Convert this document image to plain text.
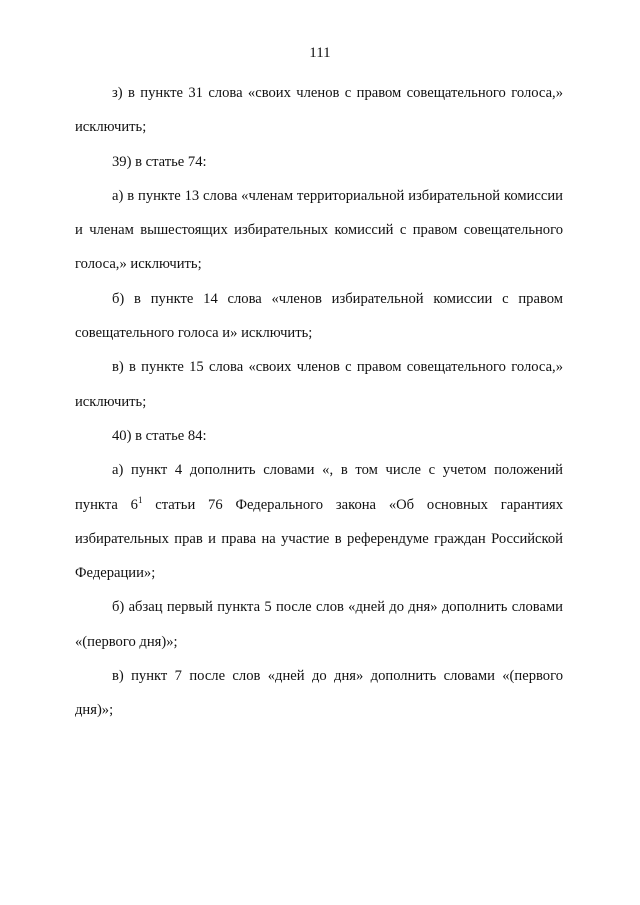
111

з) в пункте 31 слова «своих членов с правом совещательного голоса,» исключить;

39) в статье 74:

а) в пункте 13 слова «членам территориальной избирательной комиссии и членам вышестоящих избирательных комиссий с правом совещательного голоса,» исключить;

б) в пункте 14 слова «членов избирательной комиссии с правом совещательного голоса и» исключить;

в) в пункте 15 слова «своих членов с правом совещательного голоса,» исключить;

40) в статье 84:

а) пункт 4 дополнить словами «, в том числе с учетом положений пункта $6^1$ статьи 76 Федерального закона «Об основных гарантиях избирательных прав и права на участие в референдуме граждан Российской Федерации»;

б) абзац первый пункта 5 после слов «дней до дня» дополнить словами «(первого дня)»;

в) пункт 7 после слов «дней до дня» дополнить словами «(первого дня)»;
